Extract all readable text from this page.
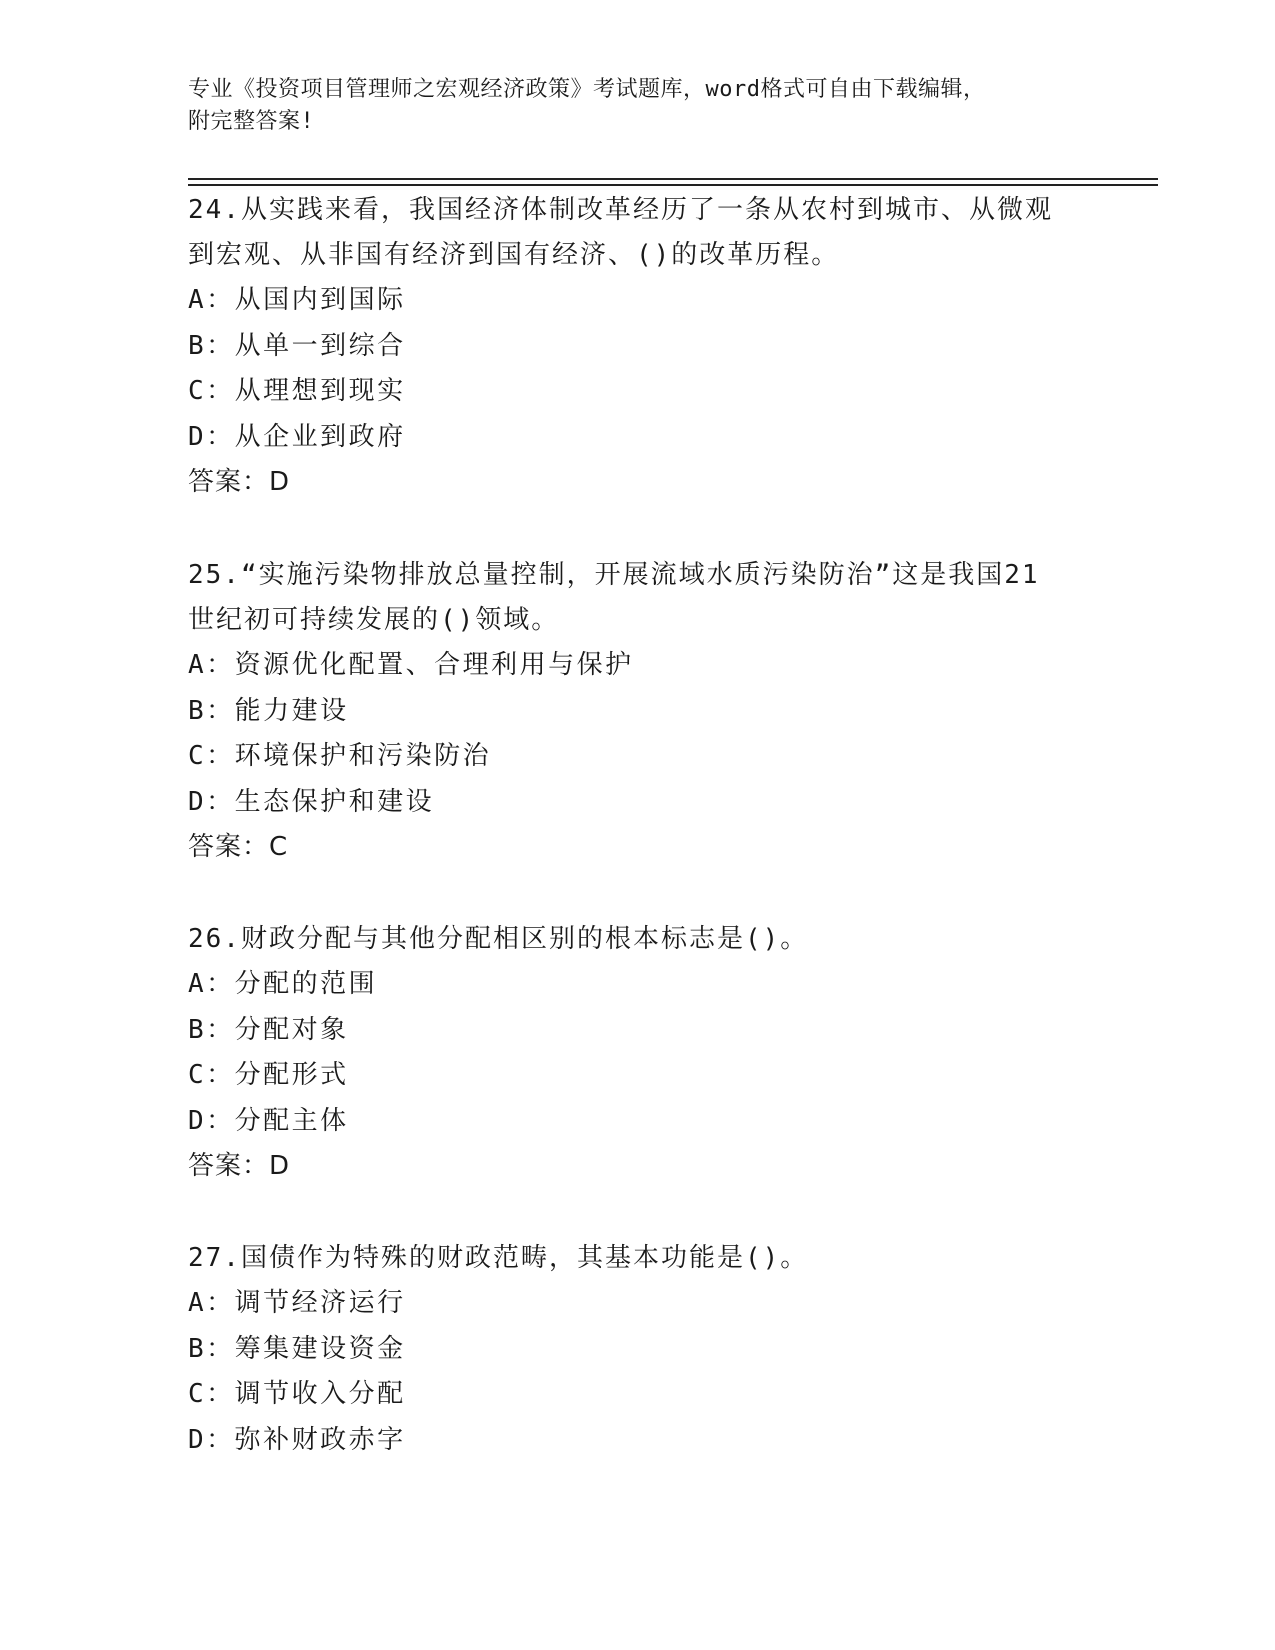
专业《投资项目管理师之宏观经济政策》考试题库，word格式可自由下载编辑，
附完整答案!
24.从实践来看，我国经济体制改革经历了一条从农村到城市、从微观
到宏观、从非国有经济到国有经济、()的改革历程。
A：从国内到国际
B：从单一到综合
C：从理想到现实
D：从企业到政府
答案：D
25.“实施污染物排放总量控制，开展流域水质污染防治”这是我国21
世纪初可持续发展的()领域。
A：资源优化配置、合理利用与保护
B：能力建设
C：环境保护和污染防治
D：生态保护和建设
答案：C
26.财政分配与其他分配相区别的根本标志是()。
A：分配的范围
B：分配对象
C：分配形式
D：分配主体
答案：D
27.国债作为特殊的财政范畴，其基本功能是()。
A：调节经济运行
B：筹集建设资金
C：调节收入分配
D：弥补财政赤字
